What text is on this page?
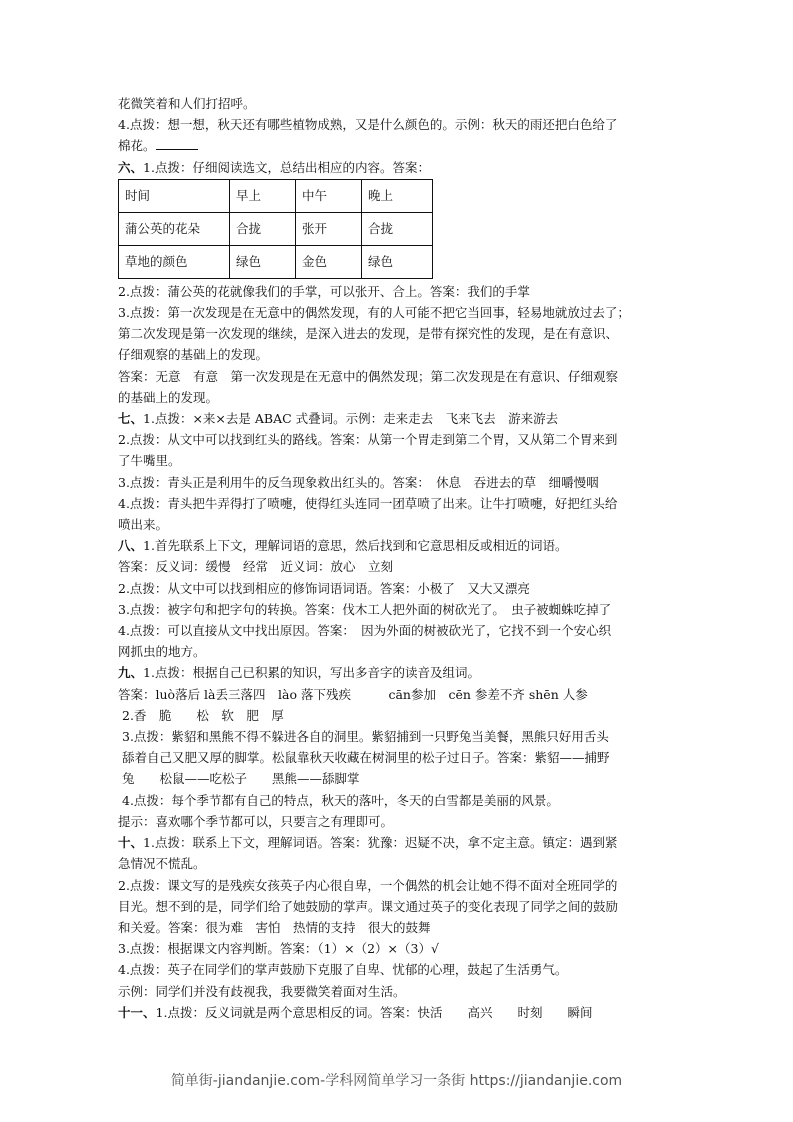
花微笑着和人们打招呼。
4.点拨：想一想，秋天还有哪些植物成熟，又是什么颜色的。示例：秋天的雨还把白色给了
棉花。
六、1.点拨：仔细阅读选文，总结出相应的内容。答案：
时间	早上	中午	晚上
蒲公英的花朵	合拢	张开	合拢
草地的颜色	绿色	金色	绿色
2.点拨：蒲公英的花就像我们的手掌，可以张开、合上。答案：我们的手掌
3.点拨：第一次发现是在无意中的偶然发现，有的人可能不把它当回事，轻易地就放过去了；
第二次发现是第一次发现的继续，是深入进去的发现，是带有探究性的发现，是在有意识、
仔细观察的基础上的发现。
答案：无意　有意　第一次发现是在无意中的偶然发现；第二次发现是在有意识、仔细观察
的基础上的发现。
七、1.点拨：×来×去是 ABAC 式叠词。示例：走来走去　飞来飞去　游来游去
2.点拨：从文中可以找到红头的路线。答案：从第一个胃走到第二个胃，又从第二个胃来到
了牛嘴里。
3.点拨：青头正是利用牛的反刍现象救出红头的。答案：　休息　吞进去的草　细嚼慢咽
4.点拨：青头把牛弄得打了喷嚏，使得红头连同一团草喷了出来。让牛打喷嚏，好把红头给
喷出来。
八、1.首先联系上下文，理解词语的意思，然后找到和它意思相反或相近的词语。
答案：反义词：缓慢　经常　近义词：放心　立刻
2.点拨：从文中可以找到相应的修饰词语词语。答案：小极了　又大又漂亮
3.点拨：被字句和把字句的转换。答案：伐木工人把外面的树砍光了。　虫子被蜘蛛吃掉了
4.点拨：可以直接从文中找出原因。答案：　因为外面的树被砍光了，它找不到一个安心织
网抓虫的地方。
九、1.点拨：根据自己已积累的知识，写出多音字的读音及组词。
答案：luò落后 là丢三落四　lào 落下残疾　　　cān参加　cēn 参差不齐 shēn 人参
2.香　脆　　松　软　肥　厚
3.点拨：紫貂和黑熊不得不躲进各自的洞里。紫貂捕到一只野兔当美餐，黑熊只好用舌头
舔着自己又肥又厚的脚掌。松鼠靠秋天收藏在树洞里的松子过日子。答案：紫貂——捕野
兔　　松鼠——吃松子　　黑熊——舔脚掌
4.点拨：每个季节都有自己的特点，秋天的落叶，冬天的白雪都是美丽的风景。
提示：喜欢哪个季节都可以，只要言之有理即可。
十、1.点拨：联系上下文，理解词语。答案：犹豫：迟疑不决，拿不定主意。镇定：遇到紧
急情况不慌乱。
2.点拨：课文写的是残疾女孩英子内心很自卑，一个偶然的机会让她不得不面对全班同学的
目光。想不到的是，同学们给了她鼓励的掌声。课文通过英子的变化表现了同学之间的鼓励
和关爱。答案：很为难　害怕　热情的支持　很大的鼓舞
3.点拨：根据课文内容判断。答案：（1）×（2）×（3）√
4.点拨：英子在同学们的掌声鼓励下克服了自卑、忧郁的心理，鼓起了生活勇气。
示例：同学们并没有歧视我，我要微笑着面对生活。
十一、1.点拨：反义词就是两个意思相反的词。答案：快活　　高兴　　时刻　　瞬间
简单街-jiandanjie.com-学科网简单学习一条街 https://jiandanjie.com
